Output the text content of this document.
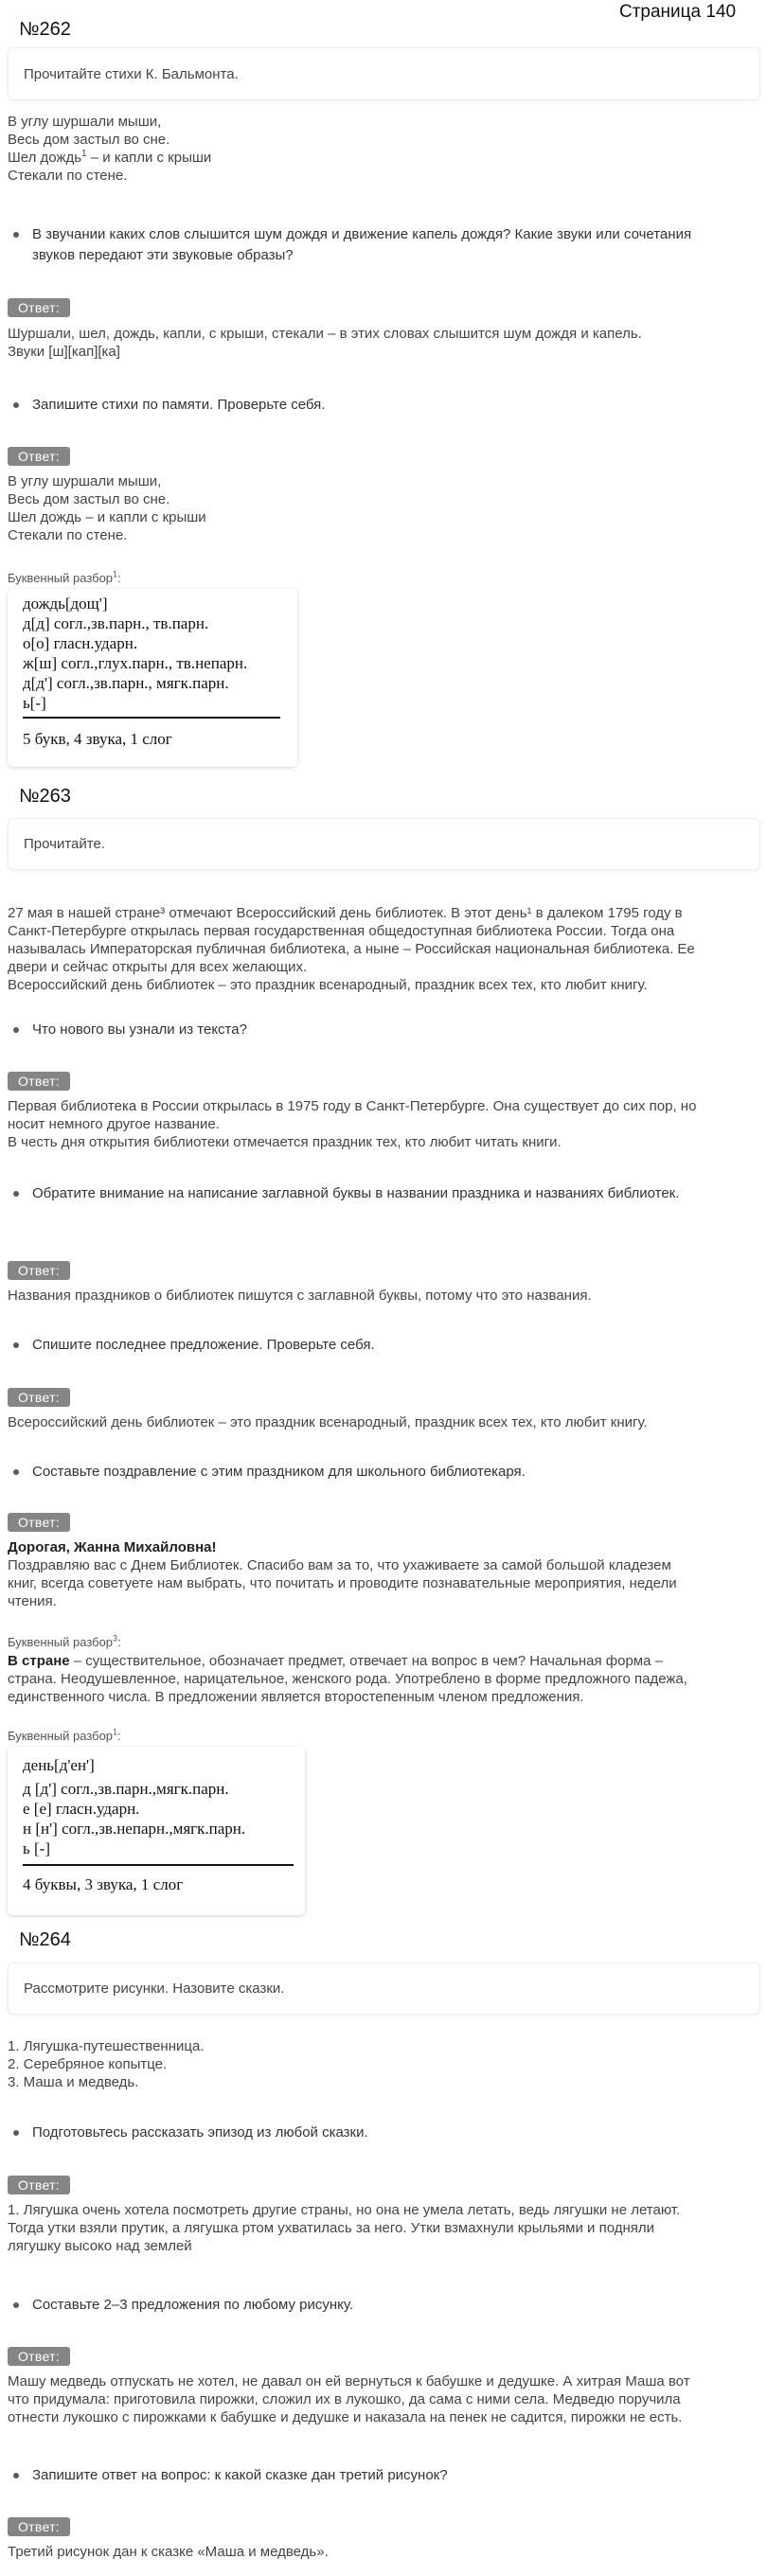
Страница 140
№262
Прочитайте стихи К. Бальмонта.

В углу шуршали мыши,

Весь дом застыл во сне.

Шел дождь$^1$ – и капли с крыши

Стекали по стене.

В звучании каких слов слышится шум дождя и движение капель дождя? Какие звуки или сочетания звуков передают эти звуковые образы?
Ответ:

Шуршали, шел, дождь, капли, с крыши, стекали – в этих словах слышится шум дождя и капель.

Звуки [ш][кап][ка]

Запишите стихи по памяти. Проверьте себя.
Ответ:

В углу шуршали мыши,

Весь дом застыл во сне.

Шел дождь – и капли с крыши

Стекали по стене.

Буквенный разбор$^1$:
дождь[дощ']
д[д] согл.,зв.парн., тв.парн.
о[о] гласн.ударн.
ж[ш] согл.,глух.парн., тв.непарн.
д[д'] согл.,зв.парн., мягк.парн.
ь[-]
5 букв, 4 звука, 1 слог
№263
Прочитайте.

27 мая в нашей стране³ отмечают Всероссийский день библиотек. В этот день¹ в далеком 1795 году в

Санкт-Петербурге открылась первая государственная общедоступная библиотека России. Тогда она

называлась Императорская публичная библиотека, а ныне – Российская национальная библиотека. Ее

двери и сейчас открыты для всех желающих.

Всероссийский день библиотек – это праздник всенародный, праздник всех тех, кто любит книгу.

Что нового вы узнали из текста?
Ответ:

Первая библиотека в России открылась в 1975 году в Санкт-Петербурге. Она существует до сих пор, но

носит немного другое название.

В честь дня открытия библиотеки отмечается праздник тех, кто любит читать книги.

Обратите внимание на написание заглавной буквы в названии праздника и названиях библиотек.
Ответ:
Названия праздников о библиотек пишутся с заглавной буквы, потому что это названия.
Спишите последнее предложение. Проверьте себя.
Ответ:
Всероссийский день библиотек – это праздник всенародный, праздник всех тех, кто любит книгу.
Составьте поздравление с этим праздником для школьного библиотекаря.
Ответ:

Дорогая, Жанна Михайловна!

Поздравляю вас с Днем Библиотек. Спасибо вам за то, что ухаживаете за самой большой кладезем

книг, всегда советуете нам выбрать, что почитать и проводите познавательные мероприятия, недели

чтения.

Буквенный разбор$^3$:

В стране – существительное, обозначает предмет, отвечает на вопрос в чем? Начальная форма –

страна. Неодушевленное, нарицательное, женского рода. Употреблено в форме предложного падежа,

единственного числа. В предложении является второстепенным членом предложения.

Буквенный разбор$^1$:
день[д'ен']
д [д'] согл.,зв.парн.,мягк.парн.
е [е] гласн.ударн.
н [н'] согл.,зв.непарн.,мягк.парн.
ь [-]
4 буквы, 3 звука, 1 слог
№264
Рассмотрите рисунки. Назовите сказки.

1. Лягушка-путешественница.

2. Серебряное копытце.

3. Маша и медведь.

Подготовьтесь рассказать эпизод из любой сказки.
Ответ:

1. Лягушка очень хотела посмотреть другие страны, но она не умела летать, ведь лягушки не летают.

Тогда утки взяли прутик, а лягушка ртом ухватилась за него. Утки взмахнули крыльями и подняли

лягушку высоко над землей

Составьте 2–3 предложения по любому рисунку.
Ответ:

Машу медведь отпускать не хотел, не давал он ей вернуться к бабушке и дедушке. А хитрая Маша вот

что придумала: приготовила пирожки, сложил их в лукошко, да сама с ними села. Медведю поручила

отнести лукошко с пирожками к бабушке и дедушке и наказала на пенек не садится, пирожки не есть.

Запишите ответ на вопрос: к какой сказке дан третий рисунок?
Ответ:
Третий рисунок дан к сказке «Маша и медведь».
